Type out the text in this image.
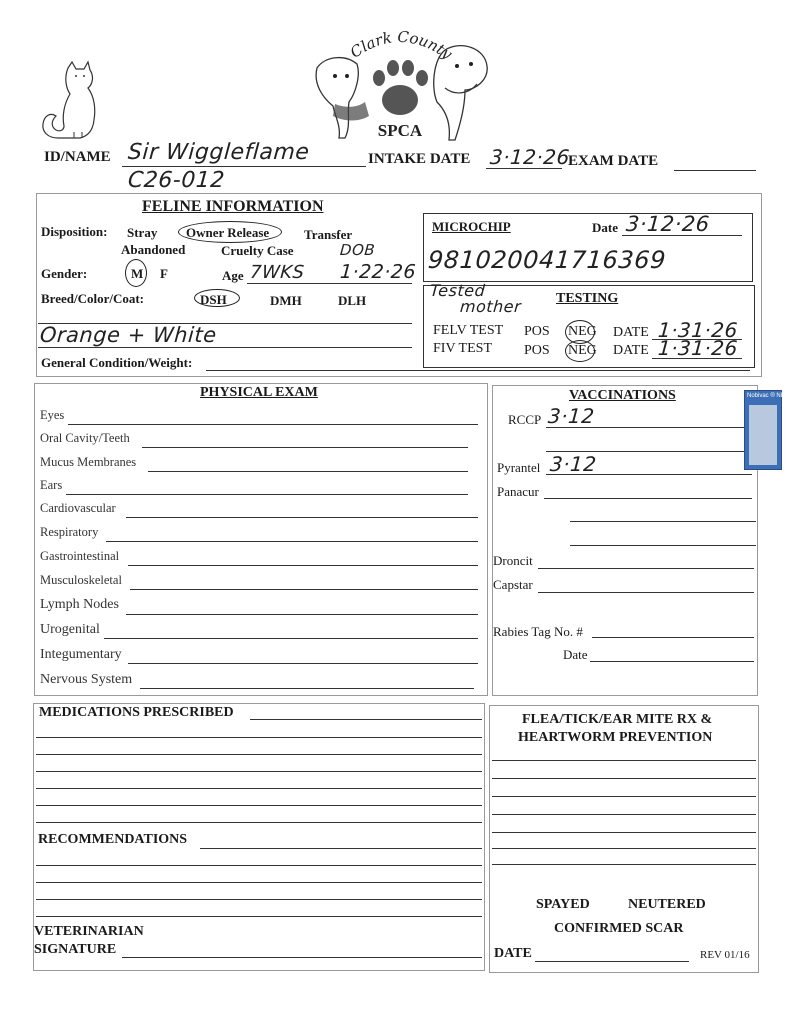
Clark County
SPCA
ID/NAME Sir Wiggleflame
C26-012
INTAKE DATE 3·12·26
EXAM DATE
FELINE INFORMATION
Disposition: Stray Owner Release	Transfer
Abandoned	Cruelty Case	DOB
Gender:	M F	Age 7WKS 1·22·26
Breed/Color/Coat:	DSH	DMH	DLH
Orange + White
General Condition/Weight:
MICROCHIP	Date 3·12·26
981020041716369
Tested
mother TESTING
FELV TEST POS NEG DATE 1·31·26
FIV TEST POS NEG DATE 1·31·26
PHYSICAL EXAM
Eyes
Oral Cavity/Teeth
Mucus Membranes
Ears
Cardiovascular
Respiratory
Gastrointestinal
Musculoskeletal
Lymph Nodes
Urogenital
Integumentary
Nervous System
VACCINATIONS
RCCP 3·12
Pyrantel 3·12
Panacur
Droncit
Capstar
Rabies Tag No. #
Date
Nobivac ® NEO
MEDICATIONS PRESCRIBED
RECOMMENDATIONS
VETERINARIAN
SIGNATURE
FLEA/TICK/EAR MITE RX &
HEARTWORM PREVENTION
SPAYED	NEUTERED
CONFIRMED SCAR
DATE	REV 01/16
